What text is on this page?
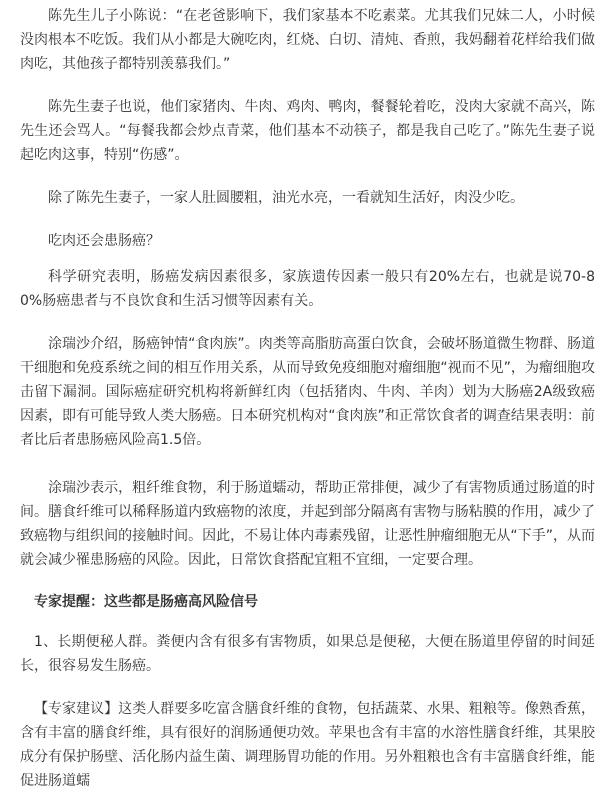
陈先生儿子小陈说：“在老爸影响下，我们家基本不吃素菜。尤其我们兄妹二人，小时候没肉根本不吃饭。我们从小都是大碗吃肉，红烧、白切、清炖、香煎，我妈翻着花样给我们做肉吃，其他孩子都特别羡慕我们。”

陈先生妻子也说，他们家猪肉、牛肉、鸡肉、鸭肉，餐餐轮着吃，没肉大家就不高兴，陈先生还会骂人。“每餐我都会炒点青菜，他们基本不动筷子，都是我自己吃了。”陈先生妻子说起吃肉这事，特别“伤感”。

除了陈先生妻子，一家人肚圆腰粗，油光水亮，一看就知生活好，肉没少吃。

吃肉还会患肠癌？

科学研究表明，肠癌发病因素很多，家族遗传因素一般只有20%左右，也就是说70-80%肠癌患者与不良饮食和生活习惯等因素有关。

涂瑞沙介绍，肠癌钟情“食肉族”。肉类等高脂肪高蛋白饮食，会破坏肠道微生物群、肠道干细胞和免疫系统之间的相互作用关系，从而导致免疫细胞对瘤细胞“视而不见”，为瘤细胞攻击留下漏洞。国际癌症研究机构将新鲜红肉（包括猪肉、牛肉、羊肉）划为大肠癌2A级致癌因素，即有可能导致人类大肠癌。日本研究机构对“食肉族”和正常饮食者的调查结果表明：前者比后者患肠癌风险高1.5倍。

涂瑞沙表示，粗纤维食物，利于肠道蠕动，帮助正常排便，减少了有害物质通过肠道的时间。膳食纤维可以稀释肠道内致癌物的浓度，并起到部分隔离有害物与肠粘膜的作用，减少了致癌物与组织间的接触时间。因此，不易让体内毒素残留，让恶性肿瘤细胞无从“下手”，从而就会减少罹患肠癌的风险。因此，日常饮食搭配宜粗不宜细，一定要合理。

专家提醒：这些都是肠癌高风险信号

1、长期便秘人群。粪便内含有很多有害物质，如果总是便秘，大便在肠道里停留的时间延长，很容易发生肠癌。

【专家建议】这类人群要多吃富含膳食纤维的食物，包括蔬菜、水果、粗粮等。像熟香蕉，含有丰富的膳食纤维，具有很好的润肠通便功效。苹果也含有丰富的水溶性膳食纤维，其果胶成分有保护肠壁、活化肠内益生菌、调理肠胃功能的作用。另外粗粮也含有丰富膳食纤维，能促进肠道蠕
